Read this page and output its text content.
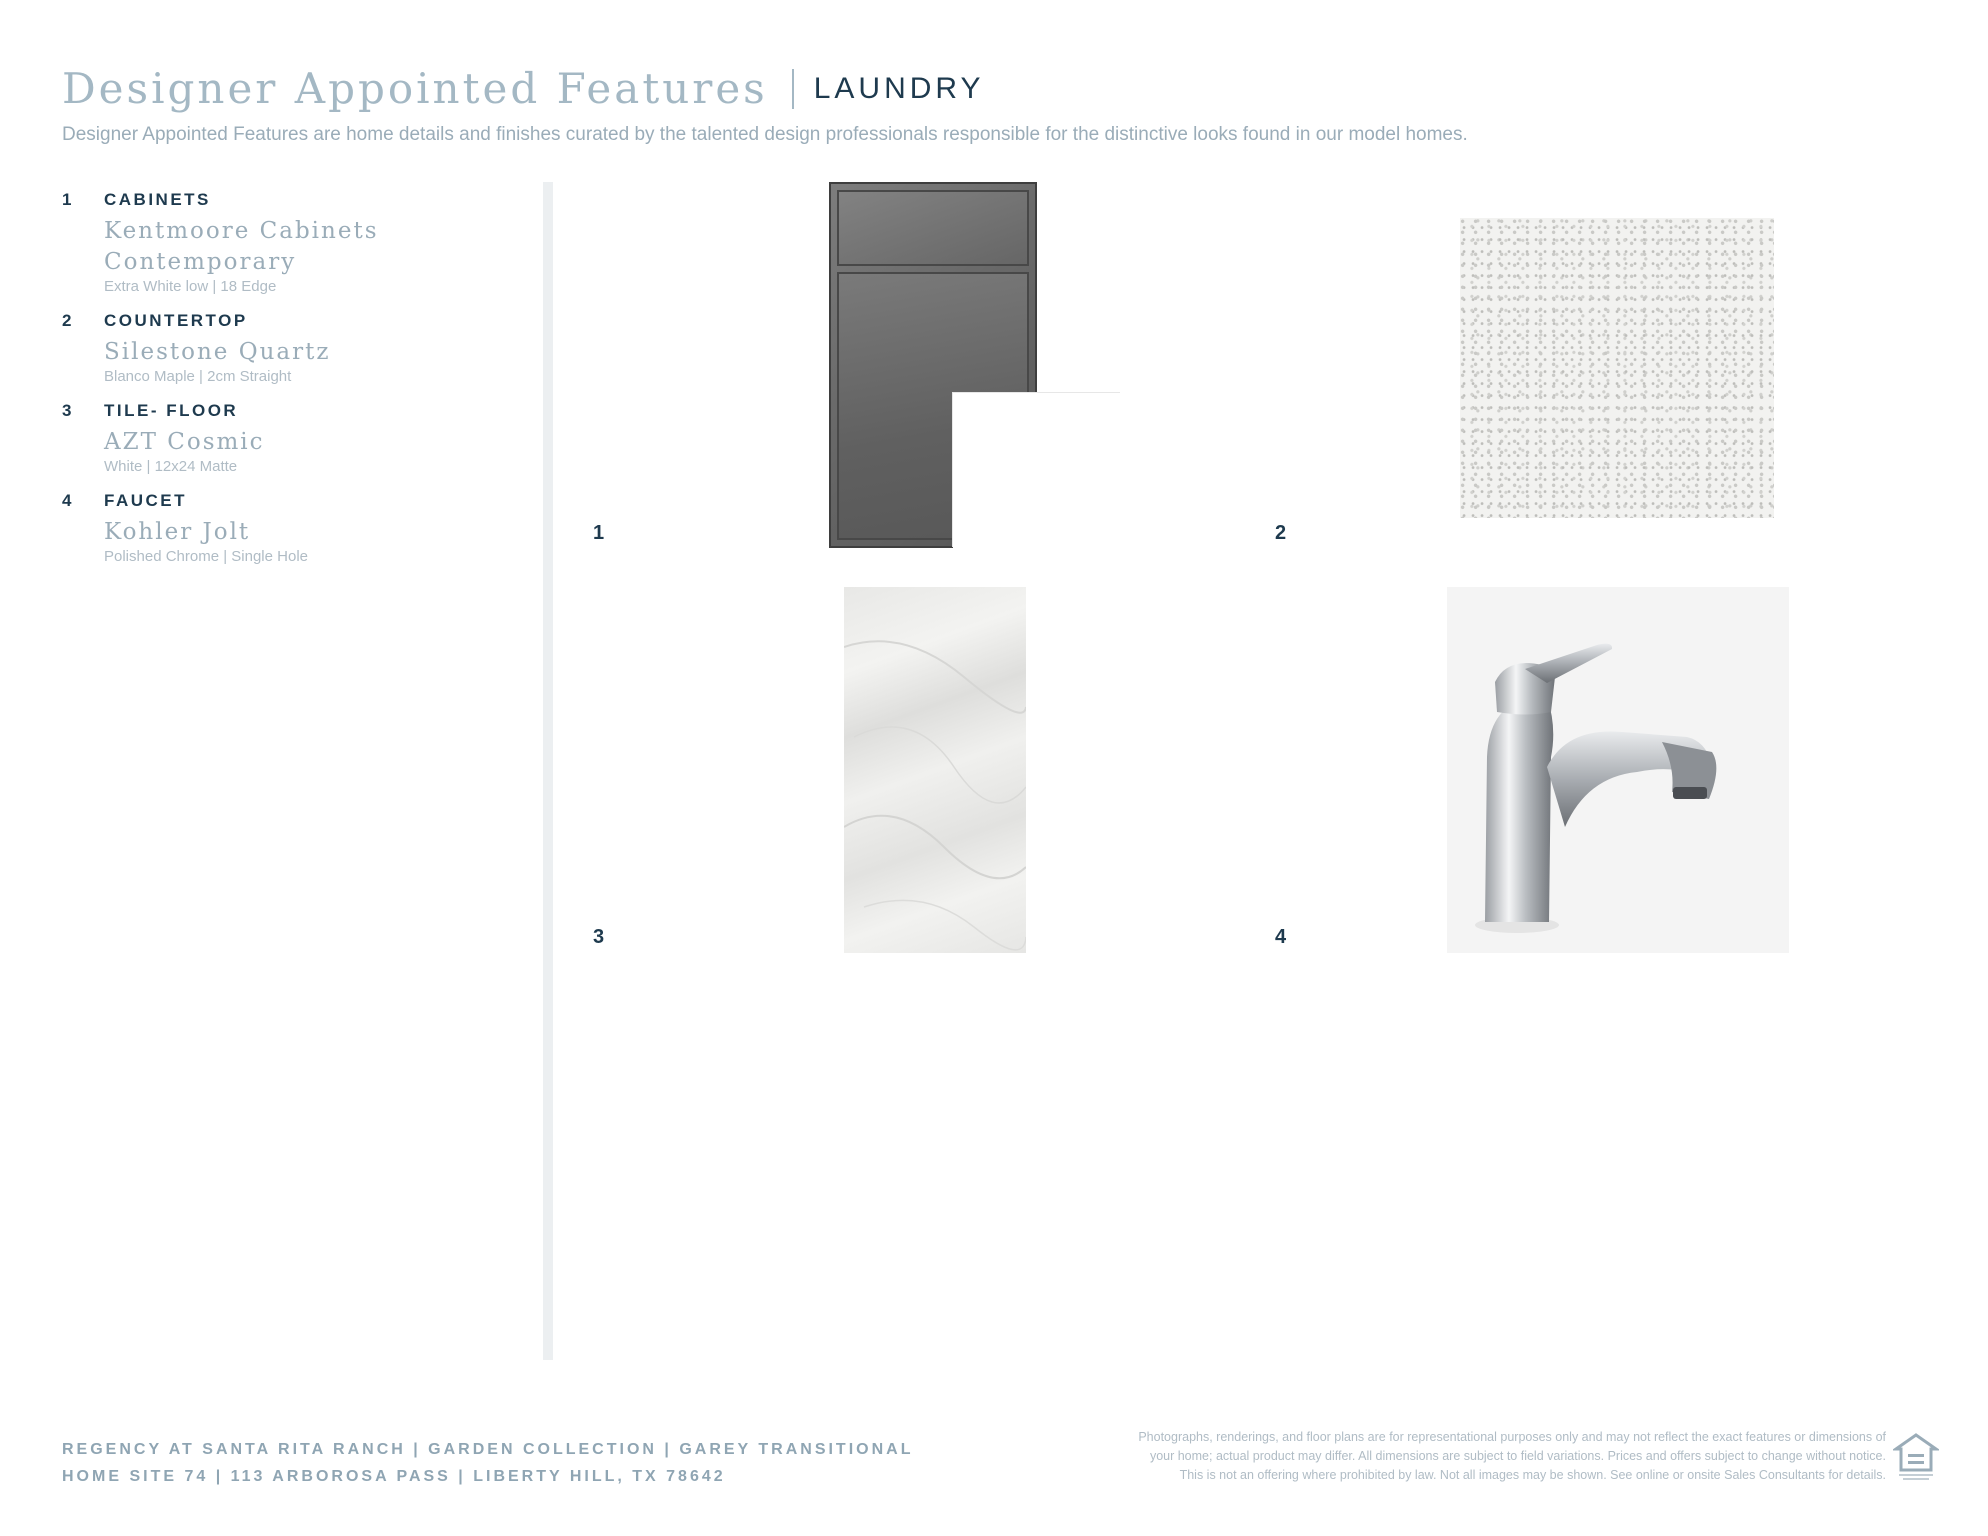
Designer Appointed Features LAUNDRY
Designer Appointed Features are home details and finishes curated by the talented design professionals responsible for the distinctive looks found in our model homes.
1	CABINETS
Kentmoore Cabinets
Contemporary
Extra White low | 18 Edge
2	COUNTERTOP
Silestone Quartz
Blanco Maple | 2cm Straight
3	TILE- FLOOR
AZT Cosmic
White | 12x24 Matte
4	FAUCET
Kohler Jolt
Polished Chrome | Single Hole
1	2
3	4
REGENCY AT SANTA RITA RANCH | GARDEN COLLECTION | GAREY TRANSITIONAL
HOME SITE 74 | 113 ARBOROSA PASS | LIBERTY HILL, TX 78642
Photographs, renderings, and floor plans are for representational purposes only and may not reflect the exact features or dimensions of
your home; actual product may differ. All dimensions are subject to field variations. Prices and offers subject to change without notice.
This is not an offering where prohibited by law. Not all images may be shown. See online or onsite Sales Consultants for details.
